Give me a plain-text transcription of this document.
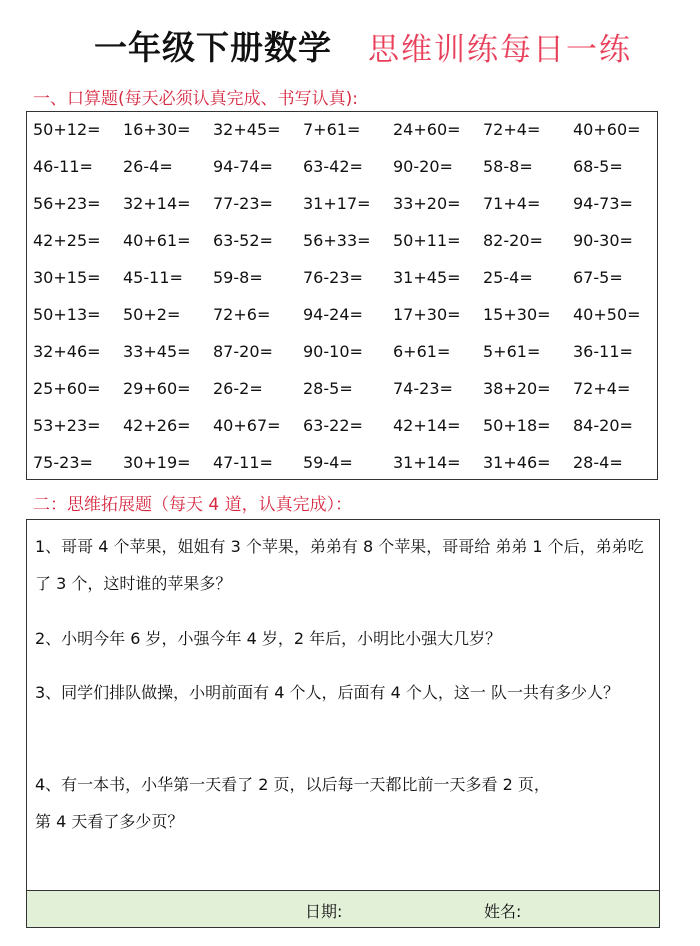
一年级下册数学 思维训练每日一练
一、口算题(每天必须认真完成、书写认真):
50+12= 16+30= 32+45= 7+61= 24+60= 72+4= 40+60=
46-11= 26-4=	94-74= 63-42= 90-20= 58-8=	68-5=
56+23= 32+14= 77-23= 31+17= 33+20= 71+4= 94-73=
42+25= 40+61= 63-52= 56+33= 50+11= 82-20= 90-30=
30+15= 45-11= 59-8=	76-23= 31+45= 25-4=	67-5=
50+13= 50+2= 72+6= 94-24= 17+30= 15+30= 40+50=
32+46= 33+45= 87-20= 90-10= 6+61= 5+61= 36-11=
25+60= 29+60= 26-2=	28-5=	74-23= 38+20= 72+4=
53+23= 42+26= 40+67= 63-22= 42+14= 50+18= 84-20=
75-23= 30+19= 47-11= 59-4=	31+14= 31+46= 28-4=
二：思维拓展题（每天 4 道，认真完成）：
1、哥哥 4 个苹果，姐姐有 3 个苹果，弟弟有 8 个苹果，哥哥给 弟弟 1 个后，弟弟吃了 3 个，这时谁的苹果多？
2、小明今年 6 岁，小强今年 4 岁，2 年后，小明比小强大几岁？
3、同学们排队做操，小明前面有 4 个人，后面有 4 个人，这一 队一共有多少人？
4、有一本书，小华第一天看了 2 页，以后每一天都比前一天多看 2 页，第 4 天看了多少页？
日期:	姓名:
